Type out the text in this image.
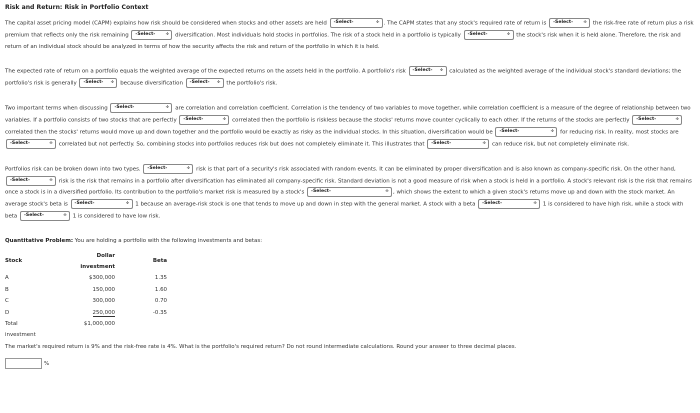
Risk and Return: Risk in Portfolio Context

The capital asset pricing model (CAPM) explains how risk should be considered when stocks and other assets are held -Select-	÷ . The CAPM states that any stock's required rate of return is -Select- ÷ the risk-free rate of return plus a risk premium that reflects only the risk remaining -Select- ÷ diversification. Most individuals hold stocks in portfolios. The risk of a stock held in a portfolio is typically -Select-	÷ the stock's risk when it is held alone. Therefore, the risk and return of an individual stock should be analyzed in terms of how the security affects the risk and return of the portfolio in which it is held.

The expected rate of return on a portfolio equals the weighted average of the expected returns on the assets held in the portfolio. A portfolio's risk -Select- ÷ calculated as the weighted average of the individual stock's standard deviations; the portfolio's risk is generally -Select- ÷ because diversification -Select- ÷ the portfolio's risk.

Two important terms when discussing -Select-	÷ are correlation and correlation coefficient. Correlation is the tendency of two variables to move together, while correlation coefficient is a measure of the degree of relationship between two variables. If a portfolio consists of two stocks that are perfectly -Select-	÷ correlated then the portfolio is riskless because the stocks' returns move counter cyclically to each other. If the returns of the stocks are perfectly -Select-	÷
correlated then the stocks' returns would move up and down together and the portfolio would be exactly as risky as the individual stocks. In this situation, diversification would be -Select-	÷ for reducing risk. In reality, most stocks are -Select-	÷ correlated but not perfectly. So, combining stocks into portfolios reduces risk but does not completely eliminate it. This illustrates that -Select-	÷ can reduce risk, but not completely eliminate risk.

Portfolios risk can be broken down into two types. -Select-	÷ risk is that part of a security's risk associated with random events. It can be eliminated by proper diversification and is also known as company-specific risk. On the other hand, -Select-	÷ risk is the risk that remains in a portfolio after diversification has eliminated all company-specific risk. Standard deviation is not a good measure of risk when a stock is held in a portfolio. A stock's relevant risk is the risk that remains once a stock is in a diversified portfolio. Its contribution to the portfolio's market risk is measured by a stock's -Select-	÷ , which shows the extent to which a given stock's returns move up and down with the stock market. An average stock's beta is -Select-	÷ 1 because an average-risk stock is one that tends to move up and down in step with the general market. A stock with a beta -Select-	÷ 1 is considered to have high risk, while a stock with beta -Select-	÷ 1 is considered to have low risk.

Quantitative Problem: You are holding a portfolio with the following investments and betas:
Stock	Dollar investment	Beta
A	$300,000	1.35
B	150,000	1.60
C	300,000	0.70
D	250,000	-0.35
Total	$1,000,000	
investment		
The market's required return is 9% and the risk-free rate is 4%. What is the portfolio's required return? Do not round intermediate calculations. Round your answer to three decimal places.
%
